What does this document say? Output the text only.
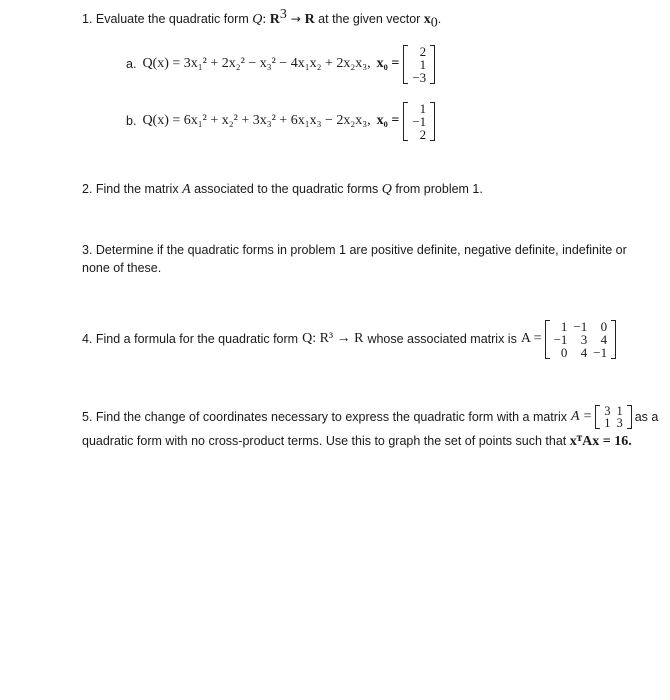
1. Evaluate the quadratic form Q: $R^3 \to R$ at the given vector $x_0$.
a. Q(x) = 3x₁² + 2x₂² − x₃² − 4x₁x₂ + 2x₂x₃, x₀ =
2
1
−3
b. Q(x) = 6x₁² + x₂² + 3x₃² + 6x₁x₃ − 2x₂x₃, x₀ =
1
−1
2
2. Find the matrix A associated to the quadratic forms Q from problem 1.
3. Determine if the quadratic forms in problem 1 are positive definite, negative definite, indefinite or
none of these.
4. Find a formula for the quadratic form Q: R³ → R whose associated matrix is A =
1	−1	0
−1	3	4
0	4	−1
5. Find the change of coordinates necessary to express the quadratic form with a matrix A = 3	1
1	3 as a
quadratic form with no cross-product terms. Use this to graph the set of points such that xᵀAx = 16.
